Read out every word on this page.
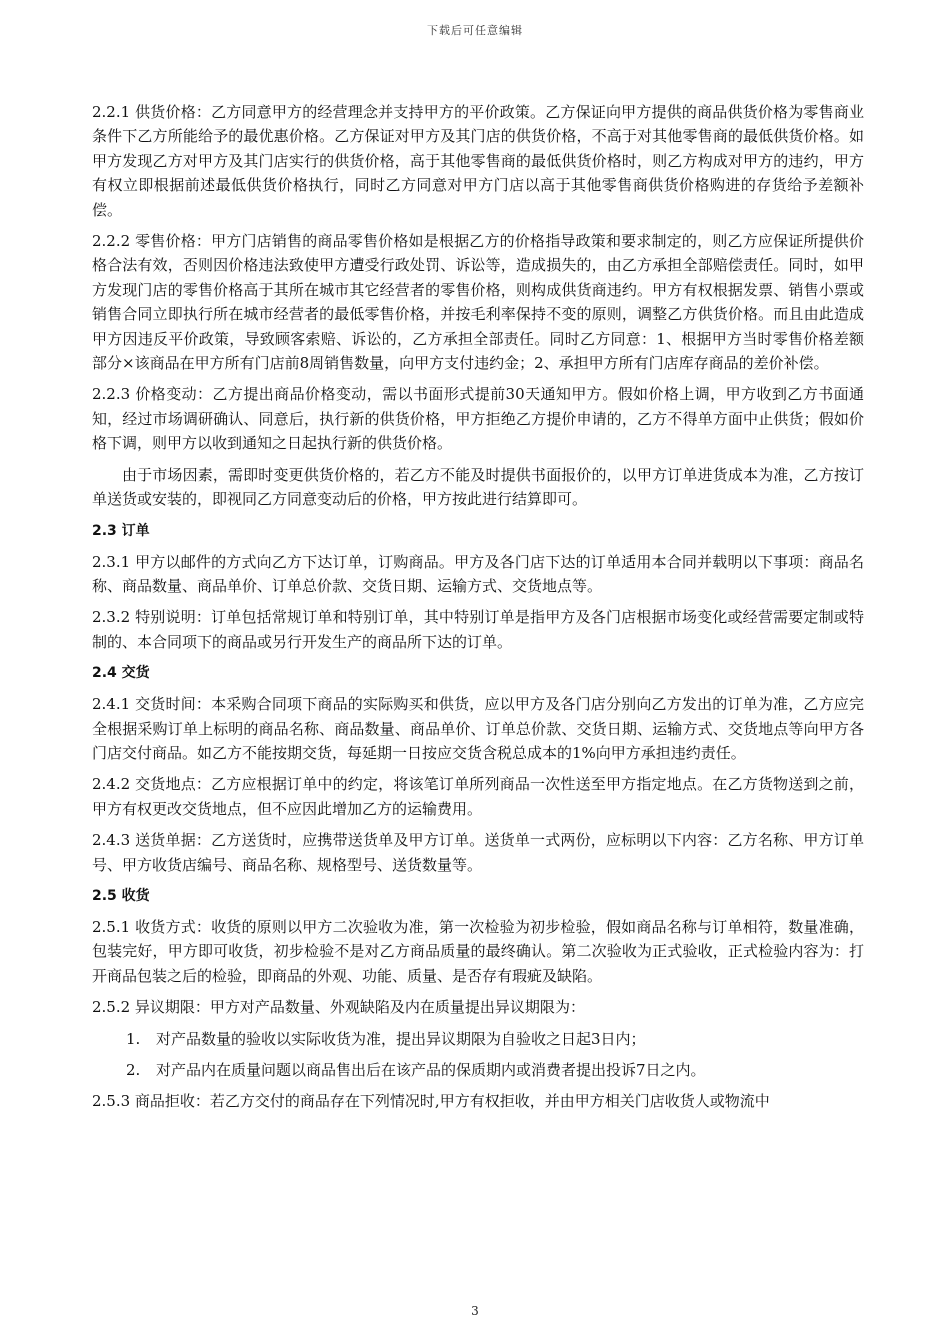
下载后可任意编辑

2.2.1 供货价格：乙方同意甲方的经营理念并支持甲方的平价政策。乙方保证向甲方提供的商品供货价格为零售商业条件下乙方所能给予的最优惠价格。乙方保证对甲方及其门店的供货价格，不高于对其他零售商的最低供货价格。如甲方发现乙方对甲方及其门店实行的供货价格，高于其他零售商的最低供货价格时，则乙方构成对甲方的违约，甲方有权立即根据前述最低供货价格执行，同时乙方同意对甲方门店以高于其他零售商供货价格购进的存货给予差额补偿。

2.2.2 零售价格：甲方门店销售的商品零售价格如是根据乙方的价格指导政策和要求制定的，则乙方应保证所提供价格合法有效，否则因价格违法致使甲方遭受行政处罚、诉讼等，造成损失的，由乙方承担全部赔偿责任。同时，如甲方发现门店的零售价格高于其所在城市其它经营者的零售价格，则构成供货商违约。甲方有权根据发票、销售小票或销售合同立即执行所在城市经营者的最低零售价格，并按毛利率保持不变的原则，调整乙方供货价格。而且由此造成甲方因违反平价政策，导致顾客索赔、诉讼的，乙方承担全部责任。同时乙方同意：1、根据甲方当时零售价格差额部分×该商品在甲方所有门店前8周销售数量，向甲方支付违约金；2、承担甲方所有门店库存商品的差价补偿。

2.2.3 价格变动：乙方提出商品价格变动，需以书面形式提前30天通知甲方。假如价格上调，甲方收到乙方书面通知，经过市场调研确认、同意后，执行新的供货价格，甲方拒绝乙方提价申请的，乙方不得单方面中止供货；假如价格下调，则甲方以收到通知之日起执行新的供货价格。

由于市场因素，需即时变更供货价格的，若乙方不能及时提供书面报价的，以甲方订单进货成本为准，乙方按订单送货或安装的，即视同乙方同意变动后的价格，甲方按此进行结算即可。

2.3 订单

2.3.1 甲方以邮件的方式向乙方下达订单，订购商品。甲方及各门店下达的订单适用本合同并载明以下事项：商品名称、商品数量、商品单价、订单总价款、交货日期、运输方式、交货地点等。

2.3.2 特别说明：订单包括常规订单和特别订单，其中特别订单是指甲方及各门店根据市场变化或经营需要定制或特制的、本合同项下的商品或另行开发生产的商品所下达的订单。

2.4 交货

2.4.1 交货时间：本采购合同项下商品的实际购买和供货，应以甲方及各门店分别向乙方发出的订单为准，乙方应完全根据采购订单上标明的商品名称、商品数量、商品单价、订单总价款、交货日期、运输方式、交货地点等向甲方各门店交付商品。如乙方不能按期交货，每延期一日按应交货含税总成本的1%向甲方承担违约责任。

2.4.2 交货地点：乙方应根据订单中的约定，将该笔订单所列商品一次性送至甲方指定地点。在乙方货物送到之前，甲方有权更改交货地点，但不应因此增加乙方的运输费用。

2.4.3 送货单据：乙方送货时，应携带送货单及甲方订单。送货单一式两份，应标明以下内容：乙方名称、甲方订单号、甲方收货店编号、商品名称、规格型号、送货数量等。

2.5 收货

2.5.1 收货方式：收货的原则以甲方二次验收为准，第一次检验为初步检验，假如商品名称与订单相符，数量准确，包装完好，甲方即可收货，初步检验不是对乙方商品质量的最终确认。第二次验收为正式验收，正式检验内容为：打开商品包装之后的检验，即商品的外观、功能、质量、是否存有瑕疵及缺陷。

2.5.2 异议期限：甲方对产品数量、外观缺陷及内在质量提出异议期限为：

1.	对产品数量的验收以实际收货为准，提出异议期限为自验收之日起3日内；
2.	对产品内在质量问题以商品售出后在该产品的保质期内或消费者提出投诉7日之内。

2.5.3 商品拒收：若乙方交付的商品存在下列情况时,甲方有权拒收，并由甲方相关门店收货人或物流中

3
